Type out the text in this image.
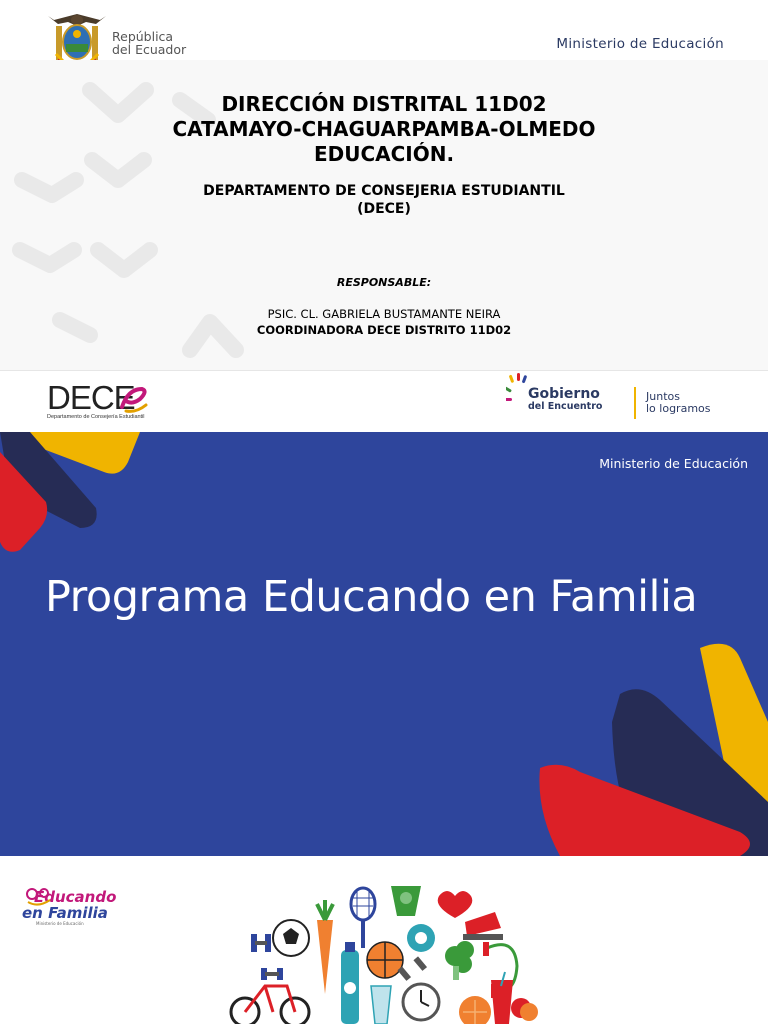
República
del Ecuador	Ministerio de Educación
DIRECCIÓN DISTRITAL 11D02
CATAMAYO-CHAGUARPAMBA-OLMEDO
EDUCACIÓN.
DEPARTAMENTO DE CONSEJERIA ESTUDIANTIL
(DECE)
RESPONSABLE:
PSIC. CL. GABRIELA BUSTAMANTE NEIRA
COORDINADORA DECE DISTRITO 11D02
DECE
Departamento de Consejería Estudiantil
Gobierno
del Encuentro
Juntos
lo logramos
Ministerio de Educación
Programa Educando en Familia
Educando
en Familia
Ministerio de Educación
